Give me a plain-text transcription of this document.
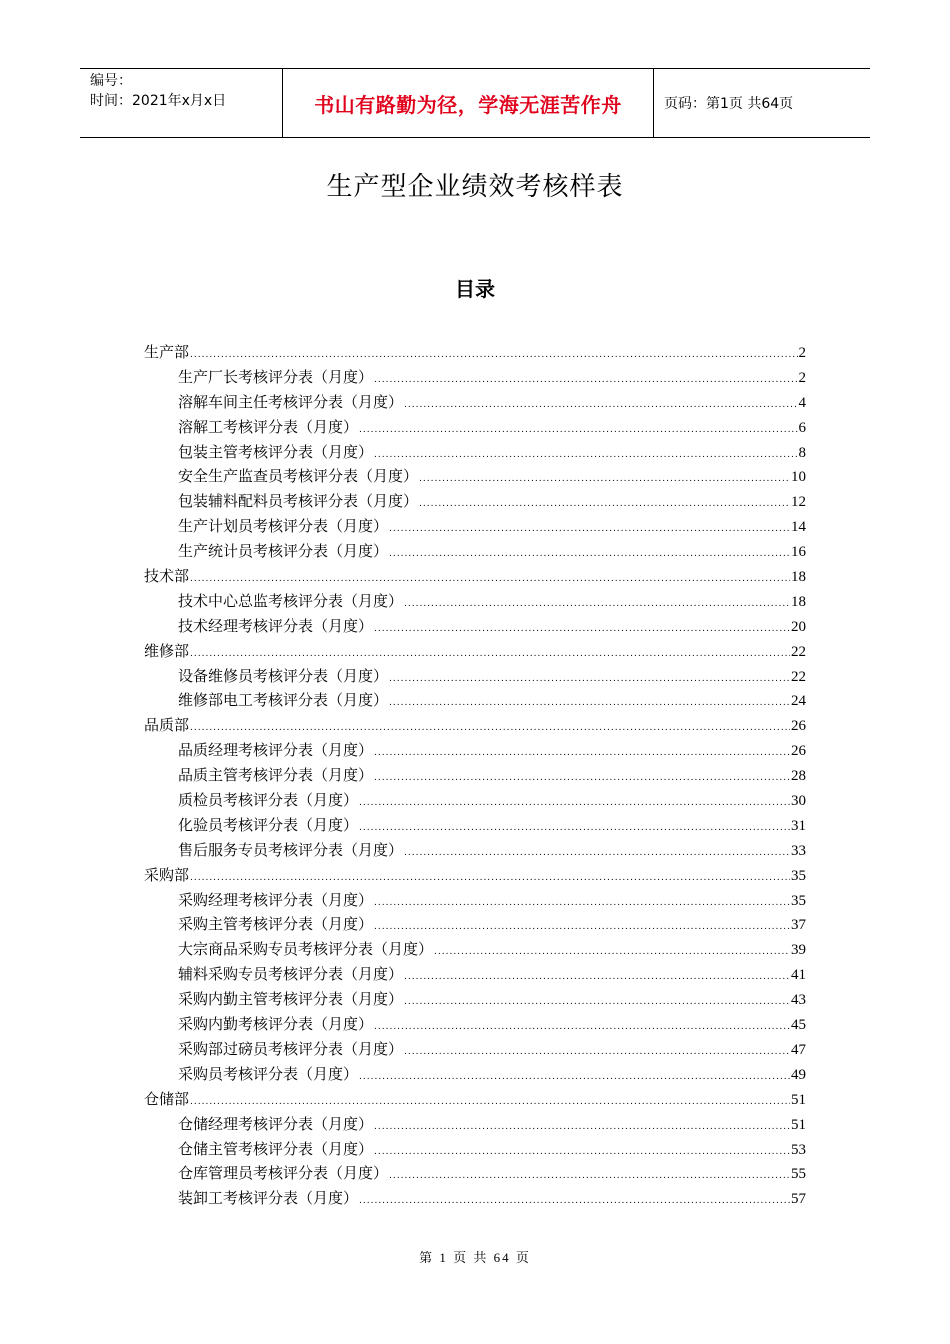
编号：
时间：2021年x月x日	书山有路勤为径，学海无涯苦作舟	页码：第1页 共64页
生产型企业绩效考核样表
目录
生产部 .....	2
生产厂长考核评分表（月度） .....	2
溶解车间主任考核评分表（月度） .....	4
溶解工考核评分表（月度） .....	6
包装主管考核评分表（月度） .....	8
安全生产监查员考核评分表（月度） .....	10
包装辅料配料员考核评分表（月度） .....	12
生产计划员考核评分表（月度） .....	14
生产统计员考核评分表（月度） .....	16
技术部 .....	18
技术中心总监考核评分表（月度） .....	18
技术经理考核评分表（月度） .....	20
维修部 .....	22
设备维修员考核评分表（月度） .....	22
维修部电工考核评分表（月度） .....	24
品质部 .....	26
品质经理考核评分表（月度） .....	26
品质主管考核评分表（月度） .....	28
质检员考核评分表（月度） .....	30
化验员考核评分表（月度） .....	31
售后服务专员考核评分表（月度） .....	33
采购部 .....	35
采购经理考核评分表（月度） .....	35
采购主管考核评分表（月度） .....	37
大宗商品采购专员考核评分表（月度） .....	39
辅料采购专员考核评分表（月度） .....	41
采购内勤主管考核评分表（月度） .....	43
采购内勤考核评分表（月度） .....	45
采购部过磅员考核评分表（月度） .....	47
采购员考核评分表（月度） .....	49
仓储部 .....	51
仓储经理考核评分表（月度） .....	51
仓储主管考核评分表（月度） .....	53
仓库管理员考核评分表（月度） .....	55
装卸工考核评分表（月度） .....	57
第 1 页 共 64 页
